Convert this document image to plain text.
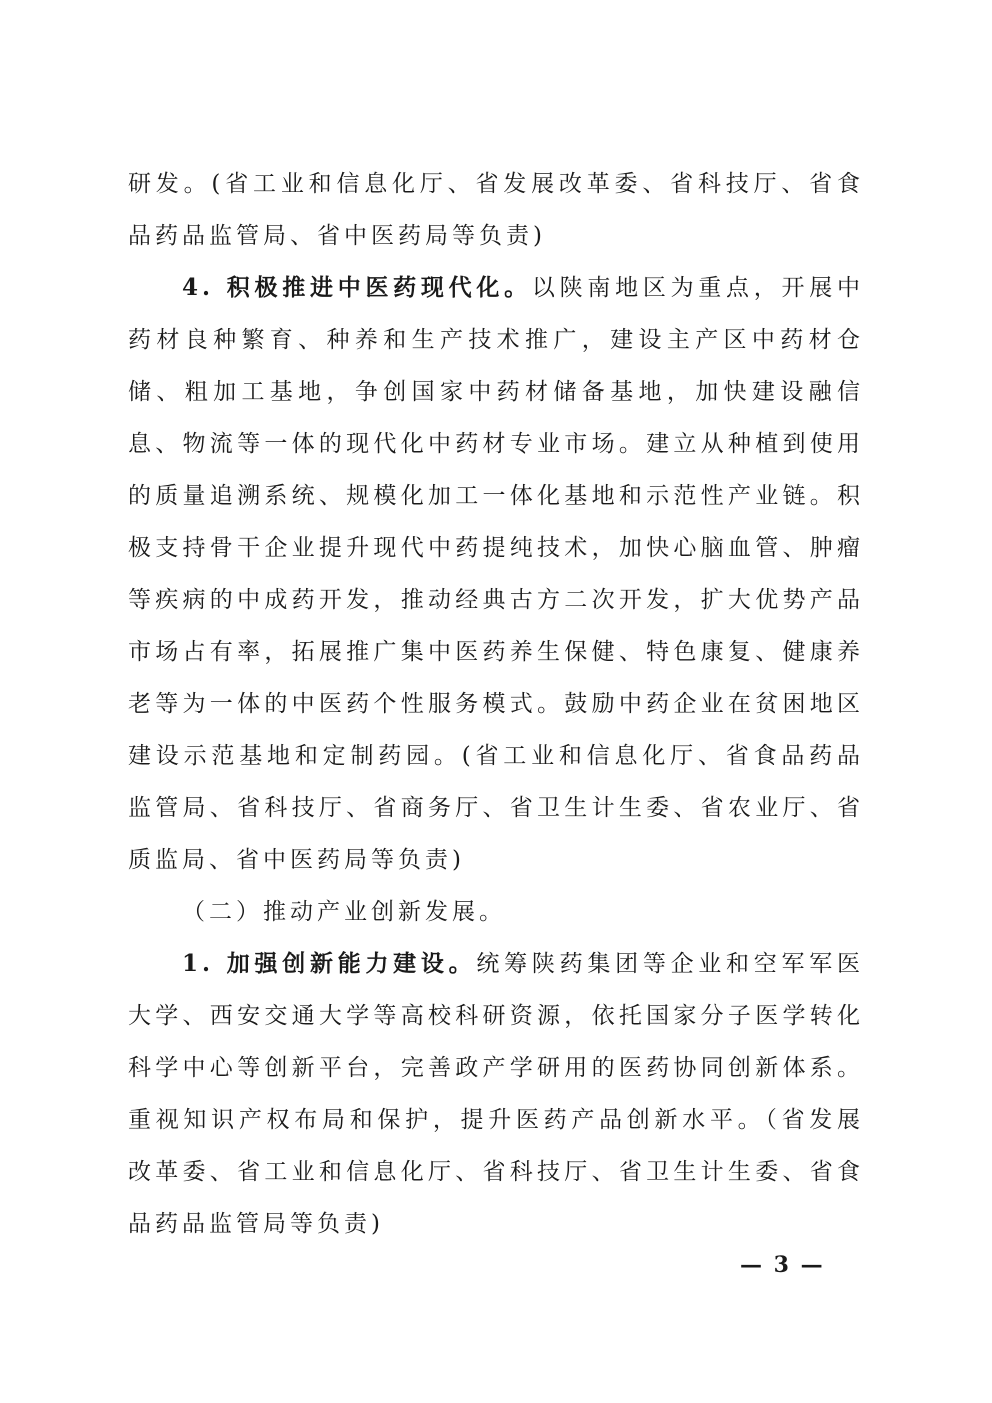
研发。(省工业和信息化厅、省发展改革委、省科技厅、省食品药品监管局、省中医药局等负责)

4. 积极推进中医药现代化。以陕南地区为重点，开展中药材良种繁育、种养和生产技术推广，建设主产区中药材仓储、粗加工基地，争创国家中药材储备基地，加快建设融信息、物流等一体的现代化中药材专业市场。建立从种植到使用的质量追溯系统、规模化加工一体化基地和示范性产业链。积极支持骨干企业提升现代中药提纯技术，加快心脑血管、肿瘤等疾病的中成药开发，推动经典古方二次开发，扩大优势产品市场占有率，拓展推广集中医药养生保健、特色康复、健康养老等为一体的中医药个性服务模式。鼓励中药企业在贫困地区建设示范基地和定制药园。(省工业和信息化厅、省食品药品监管局、省科技厅、省商务厅、省卫生计生委、省农业厅、省质监局、省中医药局等负责)

（二）推动产业创新发展。

1. 加强创新能力建设。统筹陕药集团等企业和空军军医大学、西安交通大学等高校科研资源，依托国家分子医学转化科学中心等创新平台，完善政产学研用的医药协同创新体系。重视知识产权布局和保护，提升医药产品创新水平。（省发展改革委、省工业和信息化厅、省科技厅、省卫生计生委、省食品药品监管局等负责)

— 3 —
